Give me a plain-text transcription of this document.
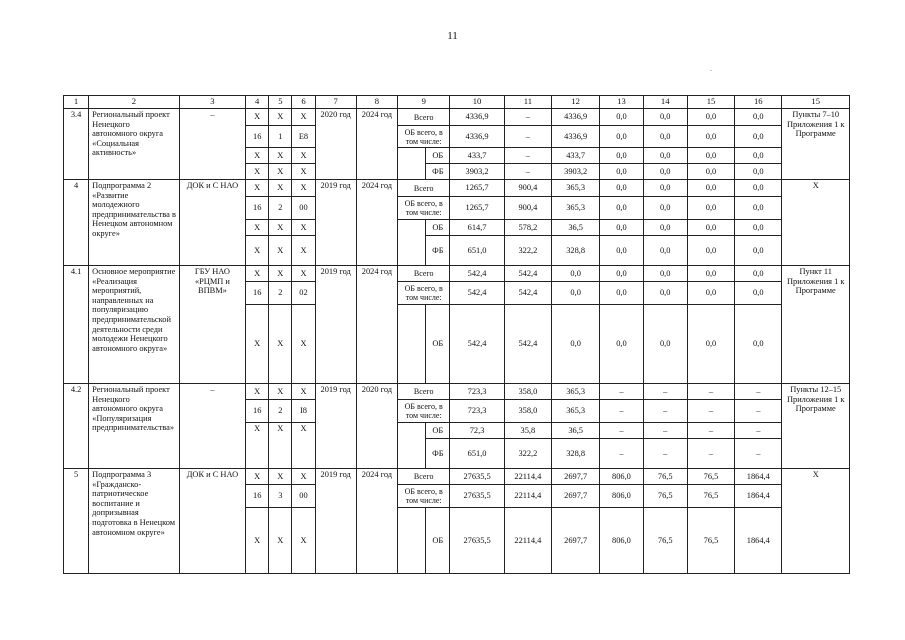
11
.
1	2	3	4	5	6	7	8	9		10	11	12	13	14	15	16	15
3.4	Региональный проект Ненецкого автономного округа «Социальная активность»	–	X	X	X	2020 год	2024 год	Всего		4336,9	–	4336,9	0,0	0,0	0,0	0,0	Пункты 7–10 Приложения 1 к Программе
			16	1	E8			ОБ всего, в том числе:		4336,9	–	4336,9	0,0	0,0	0,0	0,0	
			X	X	X				ОБ	433,7	–	433,7	0,0	0,0	0,0	0,0	
			X	X	X				ФБ	3903,2	–	3903,2	0,0	0,0	0,0	0,0	
4	Подпрограмма 2 «Развитие молодежного предпринимательства в Ненецком автономном округе»	ДОК и С НАО	X	X	X	2019 год	2024 год	Всего		1265,7	900,4	365,3	0,0	0,0	0,0	0,0	X
			16	2	00			ОБ всего, в том числе:		1265,7	900,4	365,3	0,0	0,0	0,0	0,0	
			X	X	X				ОБ	614,7	578,2	36,5	0,0	0,0	0,0	0,0	
			X	X	X				ФБ	651,0	322,2	328,8	0,0	0,0	0,0	0,0	
4.1	Основное мероприятие «Реализация мероприятий, направленных на популяризацию предпринимательской деятельности среди молодежи Ненецкого автономного округа»	ГБУ НАО «РЦМП и ВПВМ»	X	X	X	2019 год	2024 год	Всего		542,4	542,4	0,0	0,0	0,0	0,0	0,0	Пункт 11 Приложения 1 к Программе
			16	2	02			ОБ всего, в том числе:		542,4	542,4	0,0	0,0	0,0	0,0	0,0	
			X	X	X				ОБ	542,4	542,4	0,0	0,0	0,0	0,0	0,0	
4.2	Региональный проект Ненецкого автономного округа «Популяризация предпринимательства»	–	X	X	X	2019 год	2020 год	Всего		723,3	358,0	365,3	–	–	–	–	Пункты 12–15 Приложения 1 к Программе
			16	2	I8			ОБ всего, в том числе:		723,3	358,0	365,3	–	–	–	–	
			X	X	X				ОБ	72,3	35,8	36,5	–	–	–	–	
									ФБ	651,0	322,2	328,8	–	–	–	–	
5	Подпрограмма 3 «Гражданско-патриотическое воспитание и допризывная подготовка в Ненецком автономном округе»	ДОК и С НАО	X	X	X	2019 год	2024 год	Всего		27635,5	22114,4	2697,7	806,0	76,5	76,5	1864,4	X
			16	3	00			ОБ всего, в том числе:		27635,5	22114,4	2697,7	806,0	76,5	76,5	1864,4	
			X	X	X				ОБ	27635,5	22114,4	2697,7	806,0	76,5	76,5	1864,4	
